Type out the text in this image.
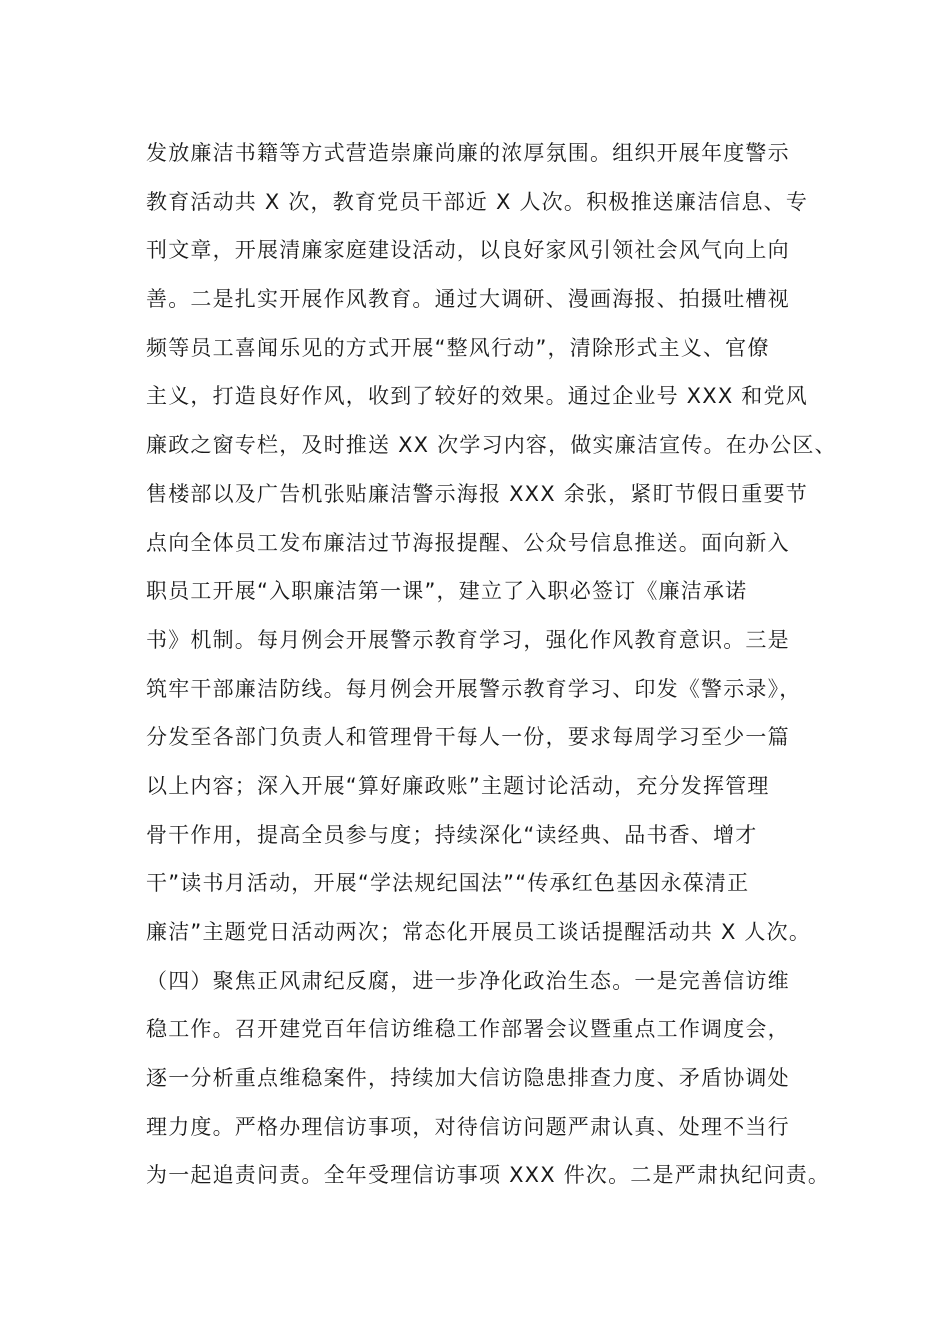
发放廉洁书籍等方式营造崇廉尚廉的浓厚氛围。组织开展年度警示
教育活动共 X 次，教育党员干部近 X 人次。积极推送廉洁信息、专
刊文章，开展清廉家庭建设活动，以良好家风引领社会风气向上向
善。二是扎实开展作风教育。通过大调研、漫画海报、拍摄吐槽视
频等员工喜闻乐见的方式开展“整风行动”，清除形式主义、官僚
主义，打造良好作风，收到了较好的效果。通过企业号 XXX 和党风
廉政之窗专栏，及时推送 XX 次学习内容，做实廉洁宣传。在办公区、
售楼部以及广告机张贴廉洁警示海报 XXX 余张，紧盯节假日重要节
点向全体员工发布廉洁过节海报提醒、公众号信息推送。面向新入
职员工开展“入职廉洁第一课”，建立了入职必签订《廉洁承诺
书》机制。每月例会开展警示教育学习，强化作风教育意识。三是
筑牢干部廉洁防线。每月例会开展警示教育学习、印发《警示录》，
分发至各部门负责人和管理骨干每人一份，要求每周学习至少一篇
以上内容；深入开展“算好廉政账”主题讨论活动，充分发挥管理
骨干作用，提高全员参与度；持续深化“读经典、品书香、增才
干”读书月活动，开展“学法规纪国法”“传承红色基因永葆清正
廉洁”主题党日活动两次；常态化开展员工谈话提醒活动共 X 人次。
（四）聚焦正风肃纪反腐，进一步净化政治生态。一是完善信访维
稳工作。召开建党百年信访维稳工作部署会议暨重点工作调度会，
逐一分析重点维稳案件，持续加大信访隐患排查力度、矛盾协调处
理力度。严格办理信访事项，对待信访问题严肃认真、处理不当行
为一起追责问责。全年受理信访事项 XXX 件次。二是严肃执纪问责。
